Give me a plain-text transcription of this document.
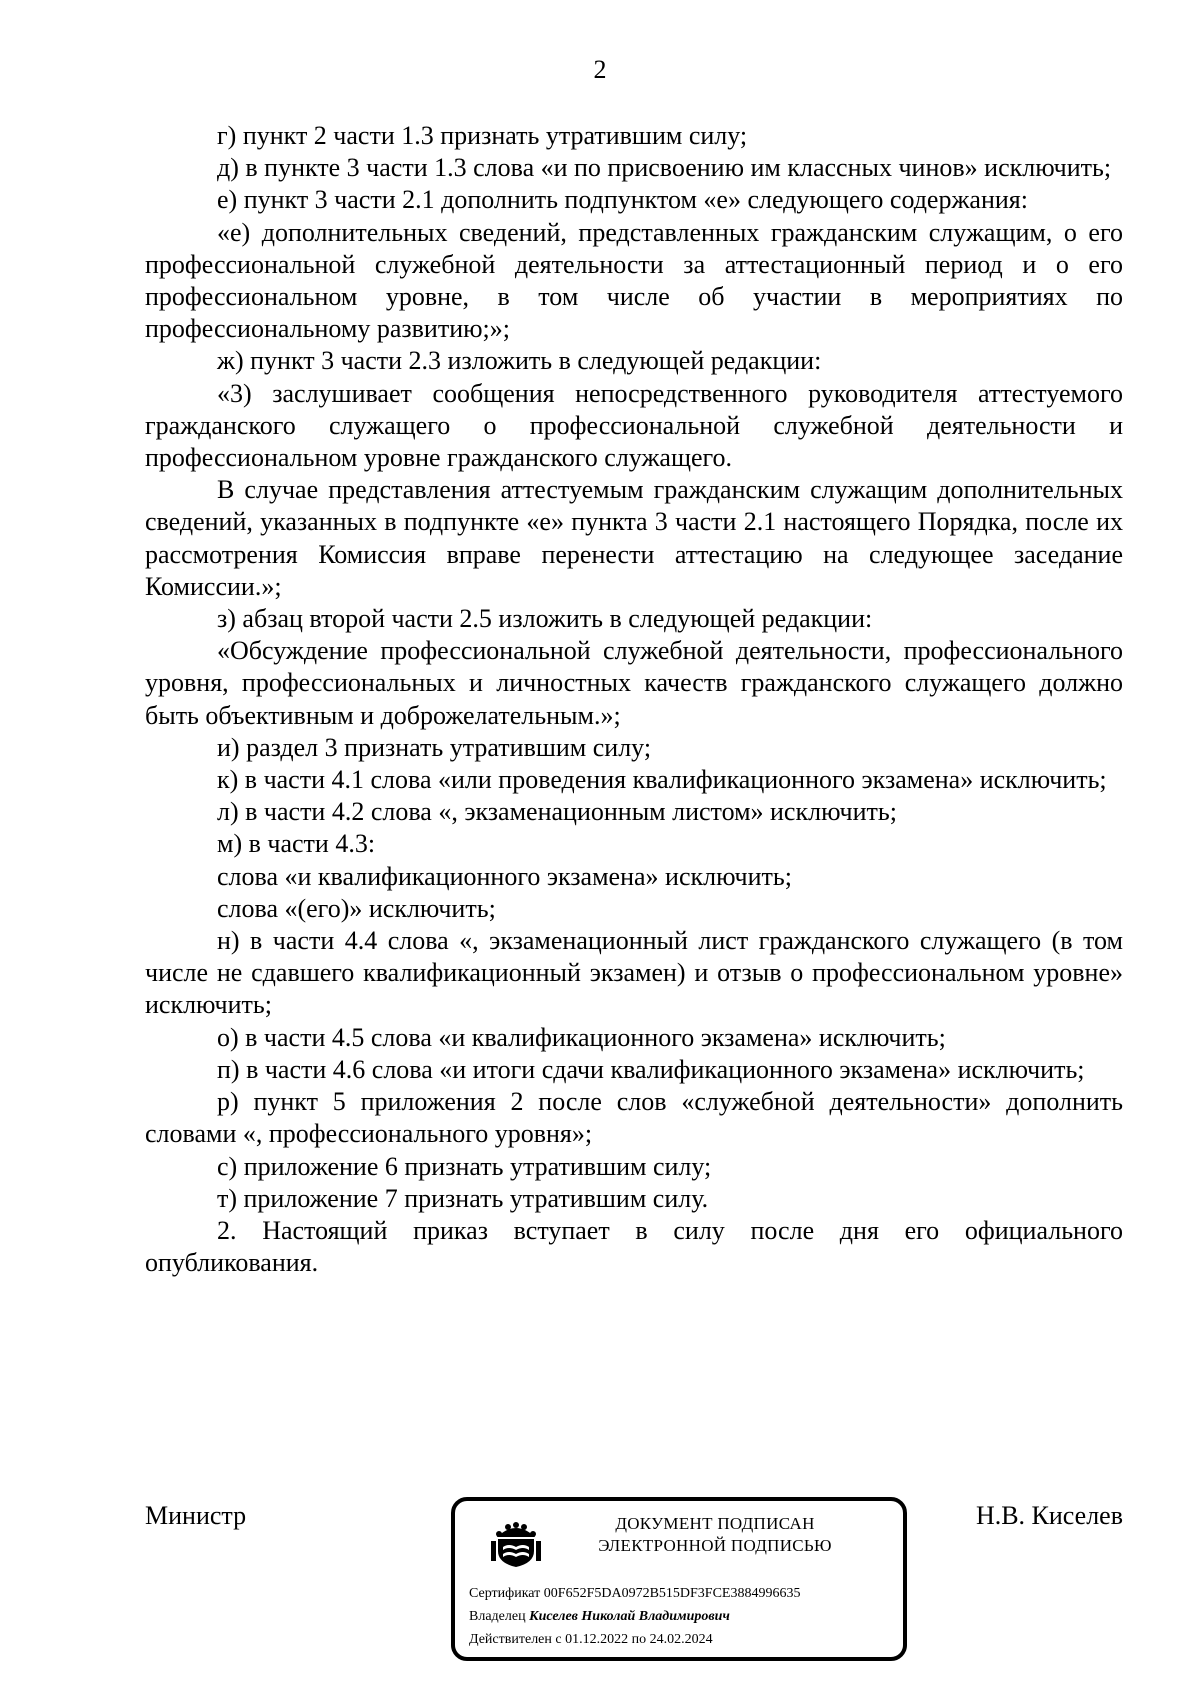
2

г) пункт 2 части 1.3 признать утратившим силу;

д) в пункте 3 части 1.3 слова «и по присвоению им классных чинов» исключить;

е) пункт 3 части 2.1 дополнить подпунктом «е» следующего содержания:

«е) дополнительных сведений, представленных гражданским служащим, о его профессиональной служебной деятельности за аттестационный период и о его профессиональном уровне, в том числе об участии в мероприятиях по профессиональному развитию;»;

ж) пункт 3 части 2.3 изложить в следующей редакции:

«3) заслушивает сообщения непосредственного руководителя аттестуемого гражданского служащего о профессиональной служебной деятельности и профессиональном уровне гражданского служащего.

В случае представления аттестуемым гражданским служащим дополнительных сведений, указанных в подпункте «е» пункта 3 части 2.1 настоящего Порядка, после их рассмотрения Комиссия вправе перенести аттестацию на следующее заседание Комиссии.»;

з) абзац второй части 2.5 изложить в следующей редакции:

«Обсуждение профессиональной служебной деятельности, профессионального уровня, профессиональных и личностных качеств гражданского служащего должно быть объективным и доброжелательным.»;

и) раздел 3 признать утратившим силу;

к) в части 4.1 слова «или проведения квалификационного экзамена» исключить;

л) в части 4.2 слова «, экзаменационным листом» исключить;

м) в части 4.3:

слова «и квалификационного экзамена» исключить;

слова «(его)» исключить;

н) в части 4.4 слова «, экзаменационный лист гражданского служащего (в том числе не сдавшего квалификационный экзамен) и отзыв о профессиональном уровне» исключить;

о) в части 4.5 слова «и квалификационного экзамена» исключить;

п) в части 4.6 слова «и итоги сдачи квалификационного экзамена» исключить;

р) пункт 5 приложения 2 после слов «служебной деятельности» дополнить словами «, профессионального уровня»;

с) приложение 6 признать утратившим силу;

т) приложение 7 признать утратившим силу.

2. Настоящий приказ вступает в силу после дня его официального опубликования.

Министр	Н.В. Киселев
ДОКУМЕНТ ПОДПИСАН
ЭЛЕКТРОННОЙ ПОДПИСЬЮ
Сертификат 00F652F5DA0972B515DF3FCE3884996635
Владелец Киселев Николай Владимирович
Действителен с 01.12.2022 по 24.02.2024
